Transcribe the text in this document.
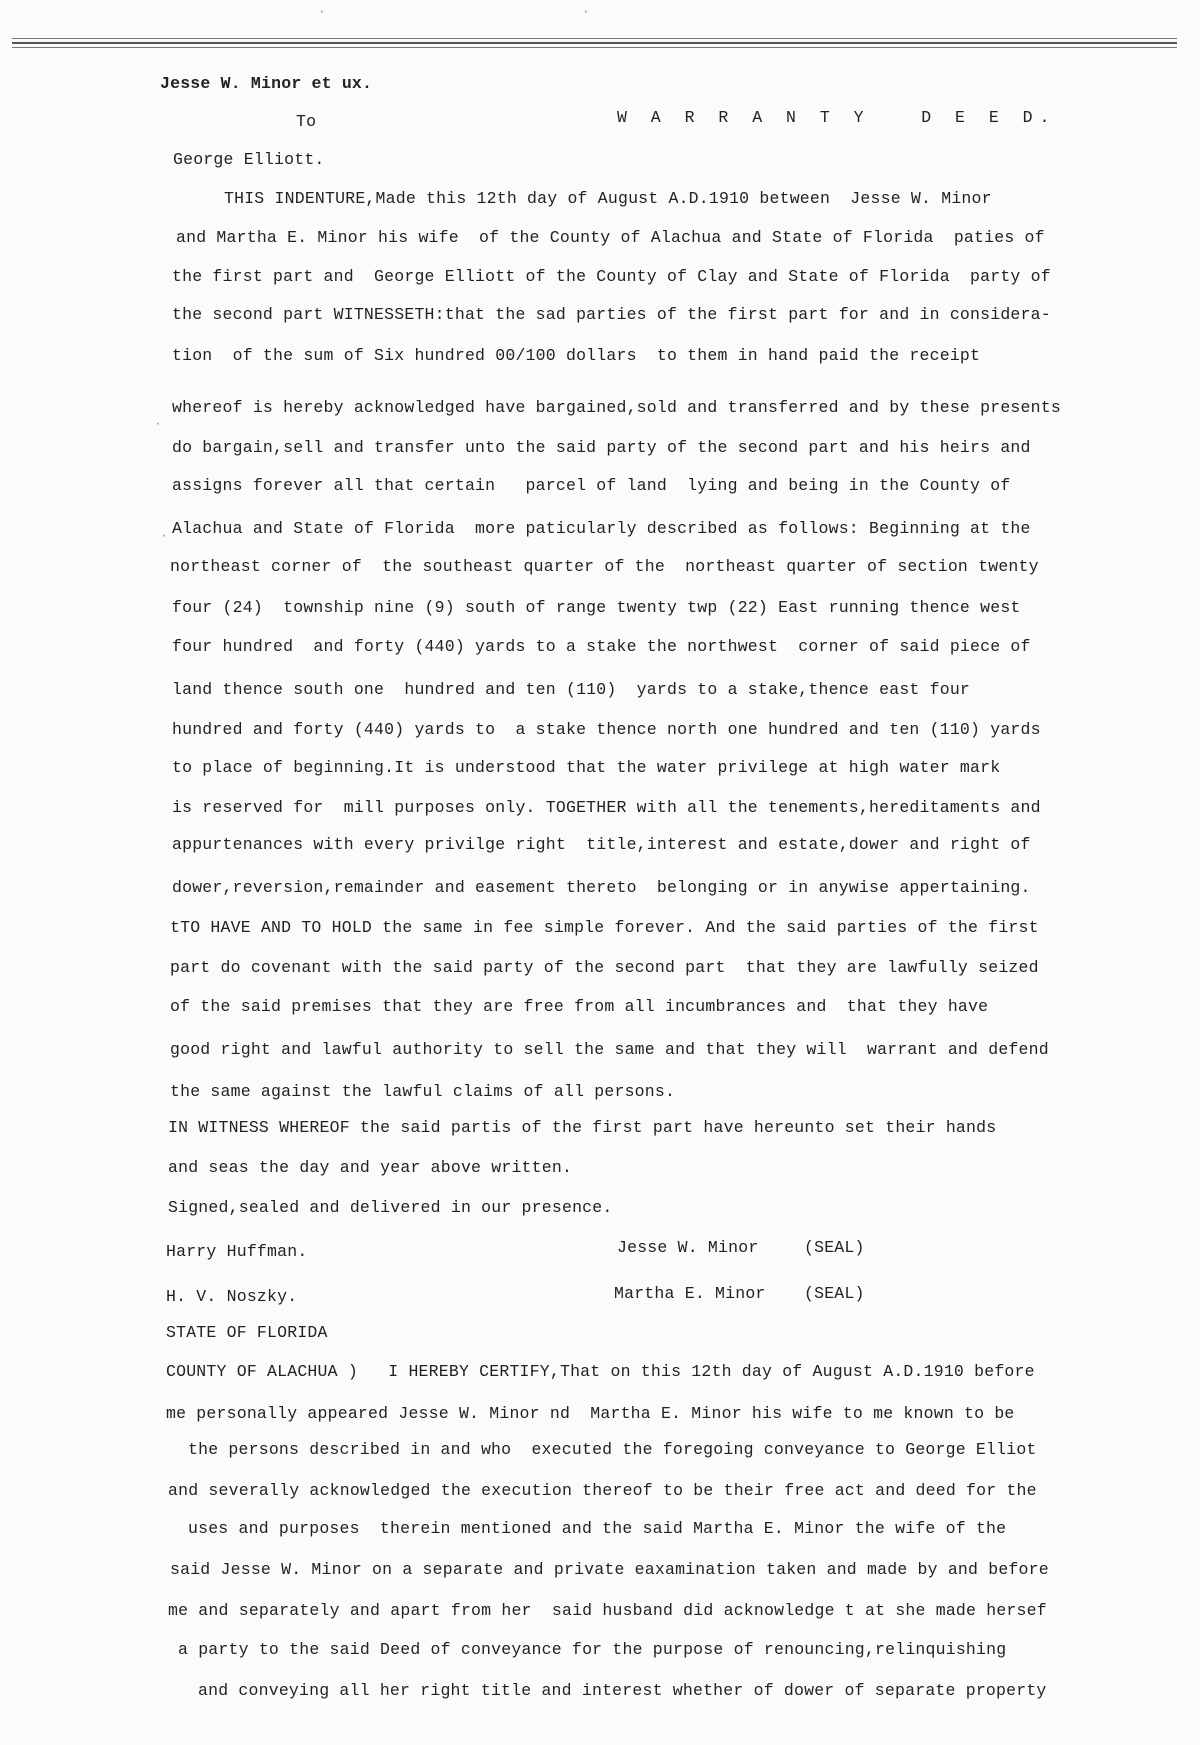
Jesse W. Minor et ux.
To	W A R R A N T Y   D E E D.
George Elliott.
THIS INDENTURE,Made this 12th day of August A.D.1910 between  Jesse W. Minor
and Martha E. Minor his wife  of the County of Alachua and State of Florida  paties of
the first part and  George Elliott of the County of Clay and State of Florida  party of
the second part WITNESSETH:that the sad parties of the first part for and in considera-
tion  of the sum of Six hundred 00/100 dollars  to them in hand paid the receipt
whereof is hereby acknowledged have bargained,sold and transferred and by these presents
do bargain,sell and transfer unto the said party of the second part and his heirs and
assigns forever all that certain   parcel of land  lying and being in the County of
Alachua and State of Florida  more paticularly described as follows: Beginning at the
northeast corner of  the southeast quarter of the  northeast quarter of section twenty
four (24)  township nine (9) south of range twenty twp (22) East running thence west
four hundred  and forty (440) yards to a stake the northwest  corner of said piece of
land thence south one  hundred and ten (110)  yards to a stake,thence east four
hundred and forty (440) yards to  a stake thence north one hundred and ten (110) yards
to place of beginning.It is understood that the water privilege at high water mark
is reserved for  mill purposes only. TOGETHER with all the tenements,hereditaments and
appurtenances with every privilge right  title,interest and estate,dower and right of
dower,reversion,remainder and easement thereto  belonging or in anywise appertaining.
tTO HAVE AND TO HOLD the same in fee simple forever. And the said parties of the first
part do covenant with the said party of the second part  that they are lawfully seized
of the said premises that they are free from all incumbrances and  that they have
good right and lawful authority to sell the same and that they will  warrant and defend
the same against the lawful claims of all persons.
IN WITNESS WHEREOF the said partis of the first part have hereunto set their hands
and seas the day and year above written.
Signed,sealed and delivered in our presence.
Harry Huffman.	Jesse W. Minor	(SEAL)
H. V. Noszky.	Martha E. Minor (SEAL)
STATE OF FLORIDA
COUNTY OF ALACHUA )   I HEREBY CERTIFY,That on this 12th day of August A.D.1910 before
me personally appeared Jesse W. Minor nd  Martha E. Minor his wife to me known to be
the persons described in and who  executed the foregoing conveyance to George Elliot
and severally acknowledged the execution thereof to be their free act and deed for the
uses and purposes  therein mentioned and the said Martha E. Minor the wife of the
said Jesse W. Minor on a separate and private eaxamination taken and made by and before
me and separately and apart from her  said husband did acknowledge t at she made hersef
a party to the said Deed of conveyance for the purpose of renouncing,relinquishing
and conveying all her right title and interest whether of dower of separate property
·
·
·	·
